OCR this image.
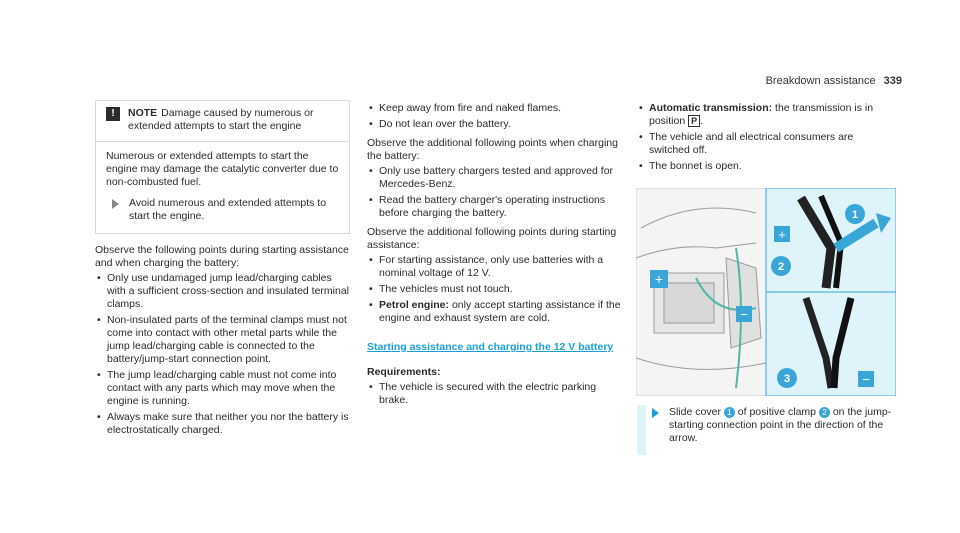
Breakdown assistance 339
!	NOTE Damage caused by numerous or extended attempts to start the engine

Numerous or extended attempts to start the engine may damage the catalytic converter due to non-combusted fuel.

Avoid numerous and extended attempts to start the engine.

Observe the following points during starting assistance and when charging the battery:

• Only use undamaged jump lead/charging cables with a sufficient cross-section and insulated terminal clamps.
• Non-insulated parts of the terminal clamps must not come into contact with other metal parts while the jump lead/charging cable is connected to the battery/jump-start connection point.
• The jump lead/charging cable must not come into contact with any parts which may move when the engine is running.
• Always make sure that neither you nor the battery is electrostatically charged.
• Keep away from fire and naked flames.
• Do not lean over the battery.

Observe the additional following points when charging the battery:

• Only use battery chargers tested and approved for Mercedes-Benz.
• Read the battery charger's operating instructions before charging the battery.

Observe the additional following points during starting assistance:

• For starting assistance, only use batteries with a nominal voltage of 12 V.
• The vehicles must not touch.
• Petrol engine: only accept starting assistance if the engine and exhaust system are cold.
Starting assistance and charging the 12 V battery

Requirements:

• The vehicle is secured with the electric parking brake.
• Automatic transmission: the transmission is in position P .
• The vehicle and all electrical consumers are switched off.
• The bonnet is open.
+
−
+
−
1
2
3
Slide cover 1 of positive clamp 2 on the jump-starting connection point in the direction of the arrow.
